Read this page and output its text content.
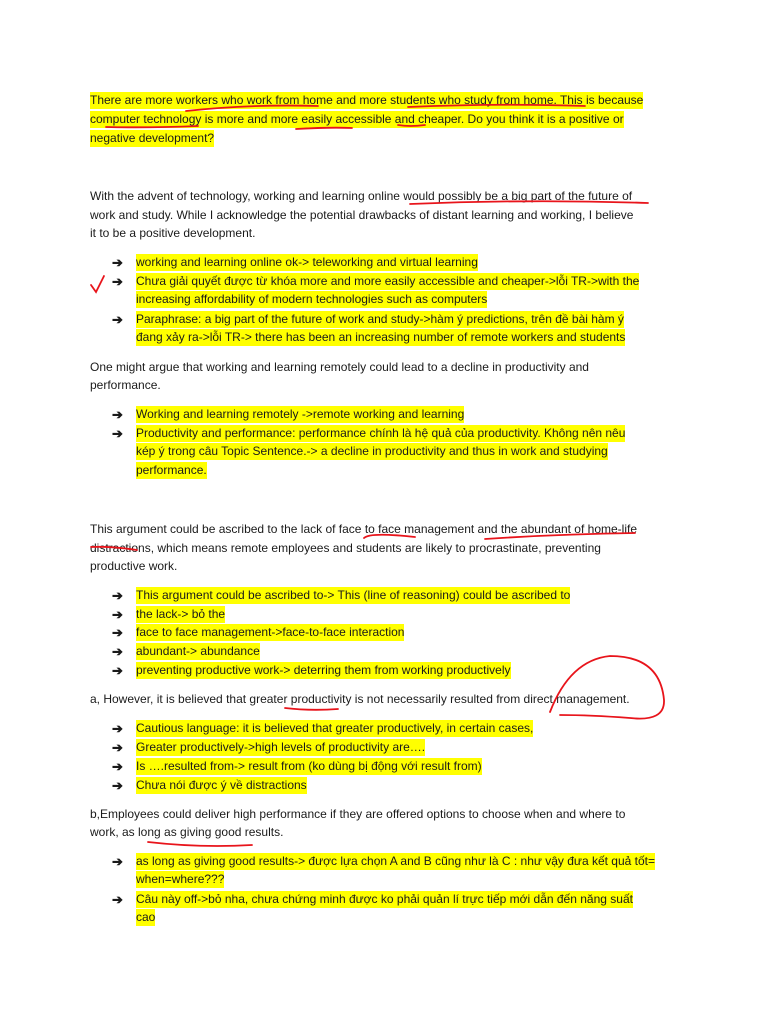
There are more workers who work from home and more students who study from home. This is because
computer technology is more and more easily accessible and cheaper. Do you think it is a positive or
negative development?
With the advent of technology, working and learning online would possibly be a big part of the future of
work and study. While I acknowledge the potential drawbacks of distant learning and working, I believe
it to be a positive development.
➔	working and learning online ok-> teleworking and virtual learning
➔	Chưa giải quyết được từ khóa more and more easily accessible and cheaper->lỗi TR->with the
increasing affordability of modern technologies such as computers
➔	Paraphrase: a big part of the future of work and study->hàm ý predictions, trên đề bài hàm ý
đang xảy ra->lỗi TR-> there has been an increasing number of remote workers and students
One might argue that working and learning remotely could lead to a decline in productivity and
performance.
➔	Working and learning remotely ->remote working and learning
➔	Productivity and performance: performance chính là hệ quả của productivity. Không nên nêu
kép ý trong câu Topic Sentence.-> a decline in productivity and thus in work and studying
performance.
This argument could be ascribed to the lack of face to face management and the abundant of home-life
distractions, which means remote employees and students are likely to procrastinate, preventing
productive work.
➔	This argument could be ascribed to-> This (line of reasoning) could be ascribed to
➔	the lack-> bỏ the
➔	face to face management->face-to-face interaction
➔	abundant-> abundance
➔	preventing productive work-> deterring them from working productively
a, However, it is believed that greater productivity is not necessarily resulted from direct management.
➔	Cautious language: it is believed that greater productively, in certain cases,
➔	Greater productively->high levels of productivity are….
➔	Is ….resulted from-> result from (ko dùng bị động với result from)
➔	Chưa nói được ý về distractions
b,Employees could deliver high performance if they are offered options to choose when and where to
work, as long as giving good results.
➔	as long as giving good results-> được lựa chọn A and B cũng như là C : như vậy đưa kết quả tốt=
when=where???
➔	Câu này off->bỏ nha, chưa chứng minh được ko phải quản lí trực tiếp mới dẫn đến năng suất
cao
